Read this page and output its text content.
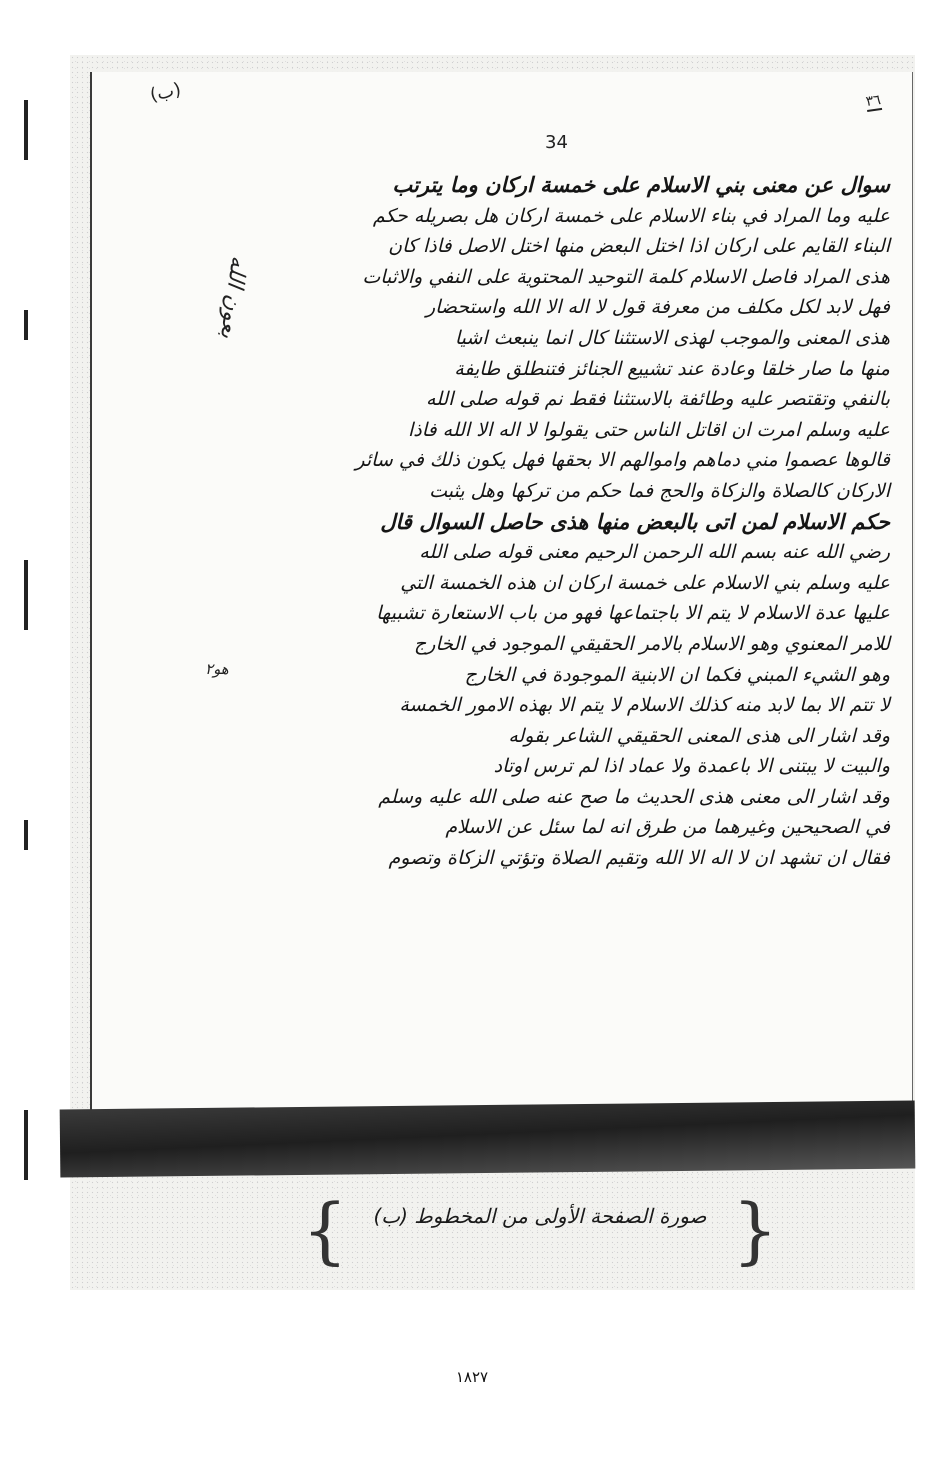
(ب)
٣٦
34
بعون الله
هو٢
سوال عن معنى بني الاسلام على خمسة اركان وما يترتب
عليه وما المراد في بناء الاسلام على خمسة اركان هل بصريله حكم
البناء القايم على اركان اذا اختل البعض منها اختل الاصل فاذا كان
هذى المراد فاصل الاسلام كلمة التوحيد المحتوية على النفي والاثبات
فهل لابد لكل مكلف من معرفة قول لا اله الا الله واستحضار
هذى المعنى والموجب لهذى الاستثنا كال انما ينبعث اشيا
منها ما صار خلقا وعادة عند تشييع الجنائز فتنطلق طايفة
بالنفي وتقتصر عليه وطائفة بالاستثنا فقط نم قوله صلى الله
عليه وسلم امرت ان اقاتل الناس حتى يقولوا لا اله الا الله فاذا
قالوها عصموا مني دماهم واموالهم الا بحقها فهل يكون ذلك في سائر
الاركان كالصلاة والزكاة والحج فما حكم من تركها وهل يثبت
حكم الاسلام لمن اتى بالبعض منها هذى حاصل السوال قال
رضي الله عنه بسم الله الرحمن الرحيم معنى قوله صلى الله
عليه وسلم بني الاسلام على خمسة اركان ان هذه الخمسة التي
عليها عدة الاسلام لا يتم الا باجتماعها فهو من باب الاستعارة تشبيها
للامر المعنوي وهو الاسلام بالامر الحقيقي الموجود في الخارج
وهو الشيء المبني فكما ان الابنية الموجودة في الخارج
لا تتم الا بما لابد منه كذلك الاسلام لا يتم الا بهذه الامور الخمسة
وقد اشار الى هذى المعنى الحقيقي الشاعر بقوله
والبيت لا يبتنى الا باعمدة ولا عماد اذا لم ترس اوتاد
وقد اشار الى معنى هذى الحديث ما صح عنه صلى الله عليه وسلم
في الصحيحين وغيرهما من طرق انه لما سئل عن الاسلام
فقال ان تشهد ان لا اله الا الله وتقيم الصلاة وتؤتي الزكاة وتصوم
{	صورة الصفحة الأولى من المخطوط (ب) }
١٨٢٧
